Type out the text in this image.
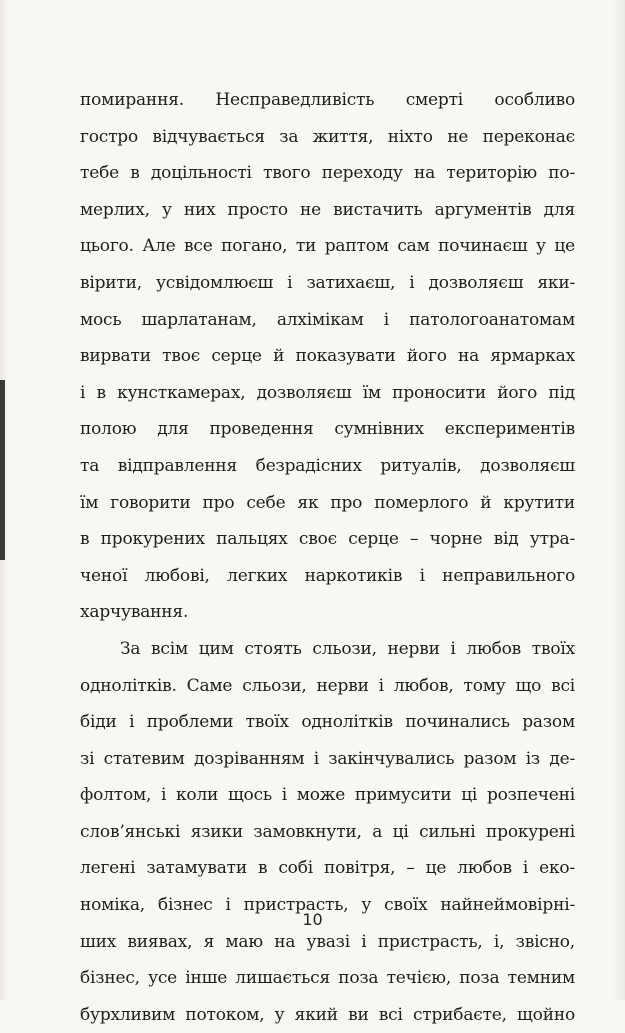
помирання. Несправедливість смерті особливо
гостро відчувається за життя, ніхто не переконає
тебе в доцільності твого переходу на територію по-
мерлих, у них просто не вистачить аргументів для
цього. Але все погано, ти раптом сам починаєш у це
вірити, усвідомлюєш і затихаєш, і дозволяєш яки-
мось шарлатанам, алхімікам і патологоанатомам
вирвати твоє серце й показувати його на ярмарках
і в кунсткамерах, дозволяєш їм проносити його під
полою для проведення сумнівних експериментів
та відправлення безрадісних ритуалів, дозволяєш
їм говорити про себе як про померлого й крутити
в прокурених пальцях своє серце – чорне від утра-
ченої любові, легких наркотиків і неправильного
харчування.
За всім цим стоять сльози, нерви і любов твоїх
однолітків. Саме сльози, нерви і любов, тому що всі
біди і проблеми твоїх однолітків починались разом
зі статевим дозріванням і закінчувались разом із де-
фолтом, і коли щось і може примусити ці розпечені
слов’янські язики замовкнути, а ці сильні прокурені
легені затамувати в собі повітря, – це любов і еко-
номіка, бізнес і пристрасть, у своїх найнеймовірні-
ших виявах, я маю на увазі і пристрасть, і, звісно,
бізнес, усе інше лишається поза течією, поза темним
бурхливим потоком, у який ви всі стрибаєте, щойно
10
